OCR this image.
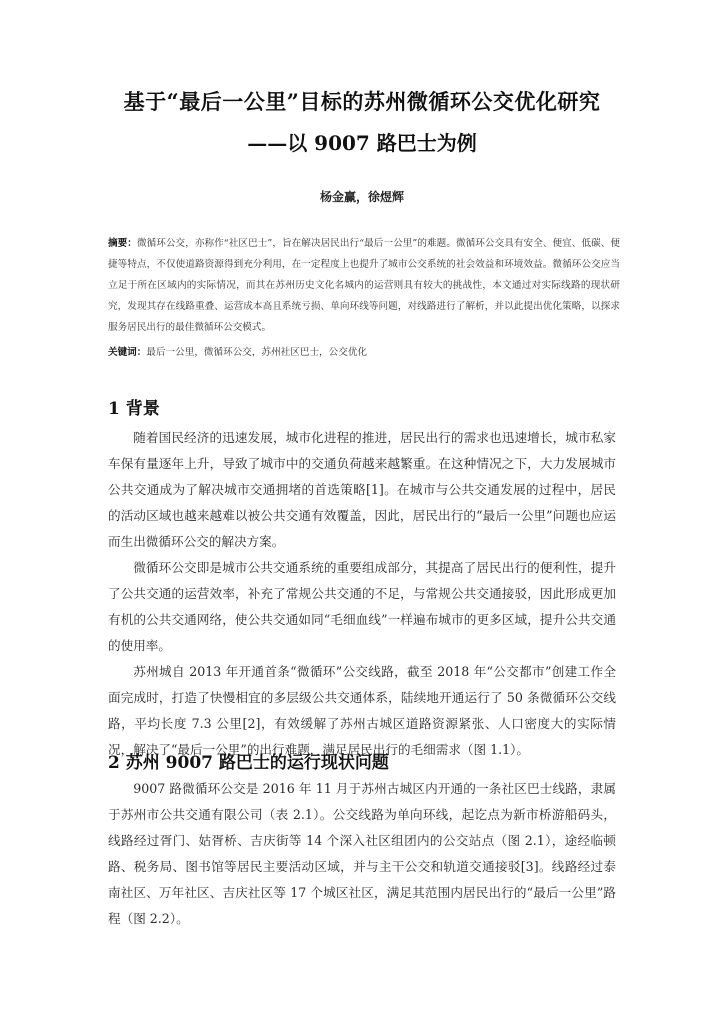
基于“最后一公里”目标的苏州微循环公交优化研究
——以 9007 路巴士为例
杨金赢，徐煜辉
摘要：微循环公交，亦称作“社区巴士”，旨在解决居民出行“最后一公里”的难题。微循环公交具有安全、便宜、低碳、便捷等特点，不仅使道路资源得到充分利用，在一定程度上也提升了城市公交系统的社会效益和环境效益。微循环公交应当立足于所在区域内的实际情况，而其在苏州历史文化名城内的运营则具有较大的挑战性，本文通过对实际线路的现状研究，发现其存在线路重叠、运营成本高且系统亏损、单向环线等问题，对线路进行了解析，并以此提出优化策略，以探求服务居民出行的最佳微循环公交模式。
关键词：最后一公里，微循环公交，苏州社区巴士，公交优化
1 背景

随着国民经济的迅速发展，城市化进程的推进，居民出行的需求也迅速增长，城市私家车保有量逐年上升，导致了城市中的交通负荷越来越繁重。在这种情况之下，大力发展城市公共交通成为了解决城市交通拥堵的首选策略[1]。在城市与公共交通发展的过程中，居民的活动区域也越来越难以被公共交通有效覆盖，因此，居民出行的“最后一公里”问题也应运而生出微循环公交的解决方案。

微循环公交即是城市公共交通系统的重要组成部分，其提高了居民出行的便利性，提升了公共交通的运营效率，补充了常规公共交通的不足，与常规公共交通接驳，因此形成更加有机的公共交通网络，使公共交通如同“毛细血线”一样遍布城市的更多区域，提升公共交通的使用率。

苏州城自 2013 年开通首条“微循环”公交线路，截至 2018 年“公交都市”创建工作全面完成时，打造了快慢相宜的多层级公共交通体系，陆续地开通运行了 50 条微循环公交线路，平均长度 7.3 公里[2]，有效缓解了苏州古城区道路资源紧张、人口密度大的实际情况，解决了“最后一公里”的出行难题，满足居民出行的毛细需求（图 1.1）。

2 苏州 9007 路巴士的运行现状问题

9007 路微循环公交是 2016 年 11 月于苏州古城区内开通的一条社区巴士线路，隶属于苏州市公共交通有限公司（表 2.1）。公交线路为单向环线，起讫点为新市桥游船码头，线路经过胥门、姑胥桥、吉庆街等 14 个深入社区组团内的公交站点（图 2.1），途经临顿路、税务局、图书馆等居民主要活动区域，并与主干公交和轨道交通接驳[3]。线路经过泰南社区、万年社区、吉庆社区等 17 个城区社区，满足其范围内居民出行的“最后一公里”路程（图 2.2）。
